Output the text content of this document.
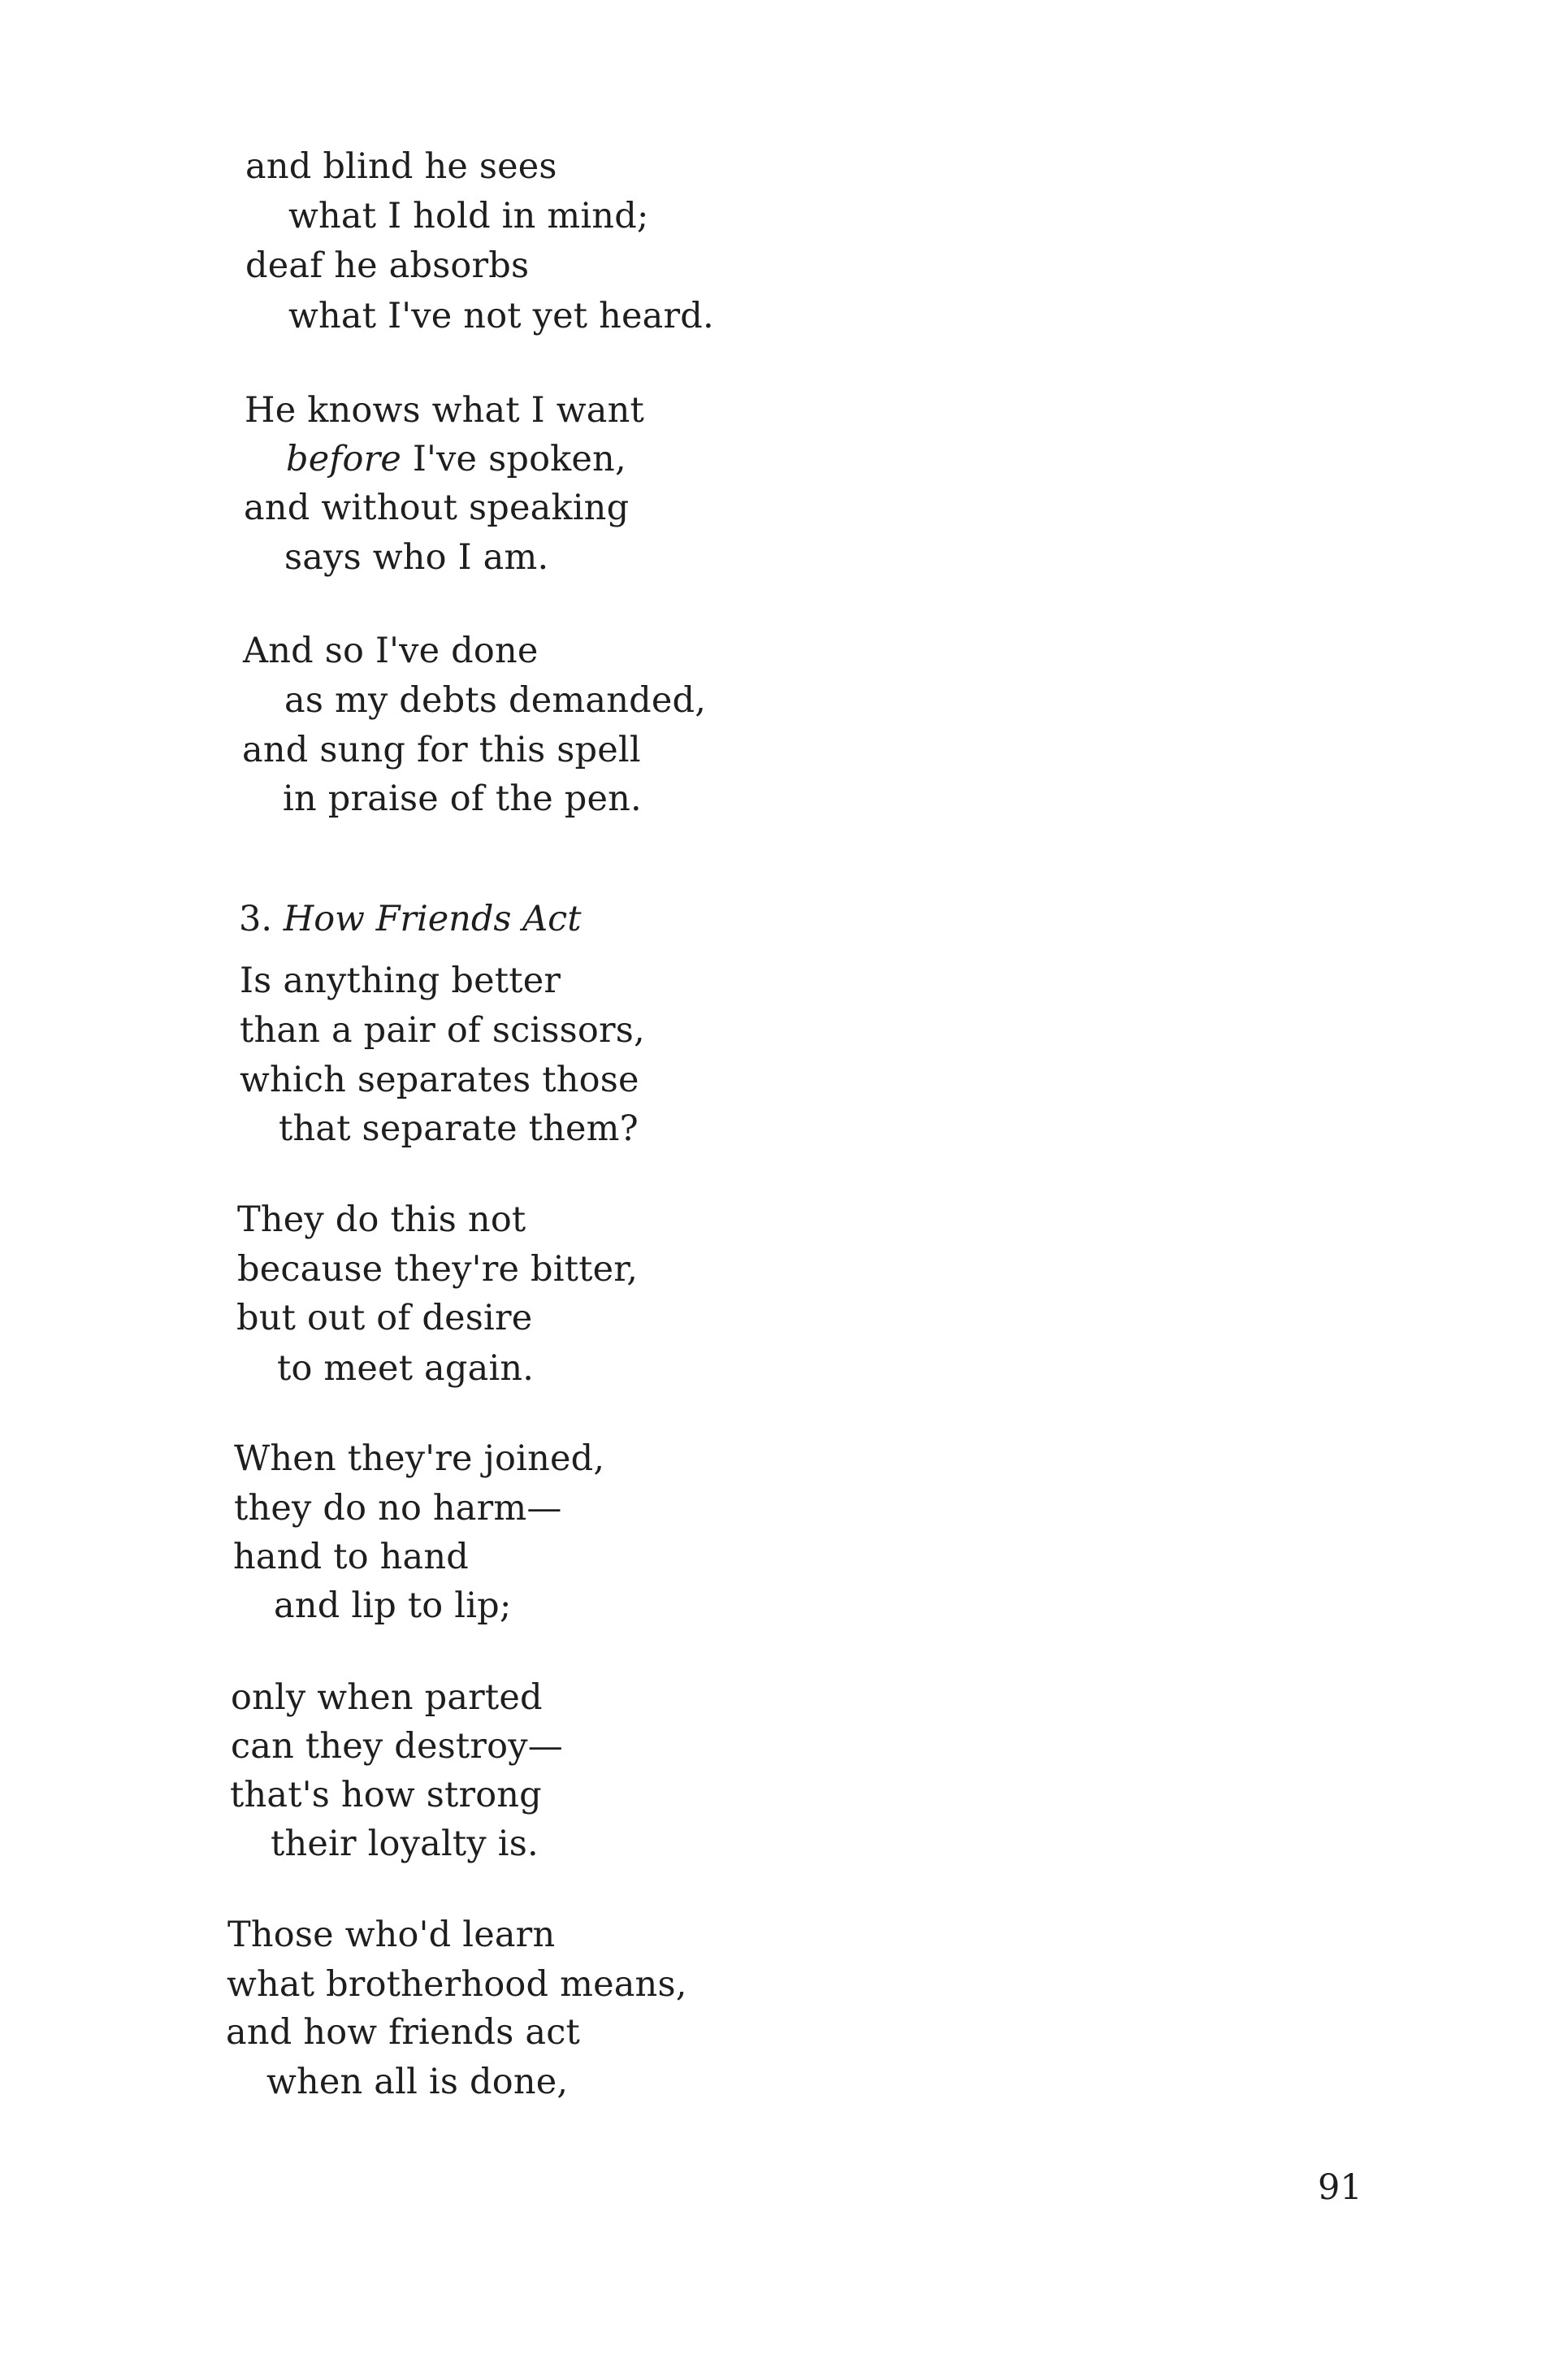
and blind he sees
what I hold in mind;
deaf he absorbs
what I've not yet heard.
He knows what I want
before I've spoken,
and without speaking
says who I am.
And so I've done
as my debts demanded,
and sung for this spell
in praise of the pen.
3. How Friends Act
Is anything better
than a pair of scissors,
which separates those
that separate them?
They do this not
because they're bitter,
but out of desire
to meet again.
When they're joined,
they do no harm—
hand to hand
and lip to lip;
only when parted
can they destroy—
that's how strong
their loyalty is.
Those who'd learn
what brotherhood means,
and how friends act
when all is done,
91
